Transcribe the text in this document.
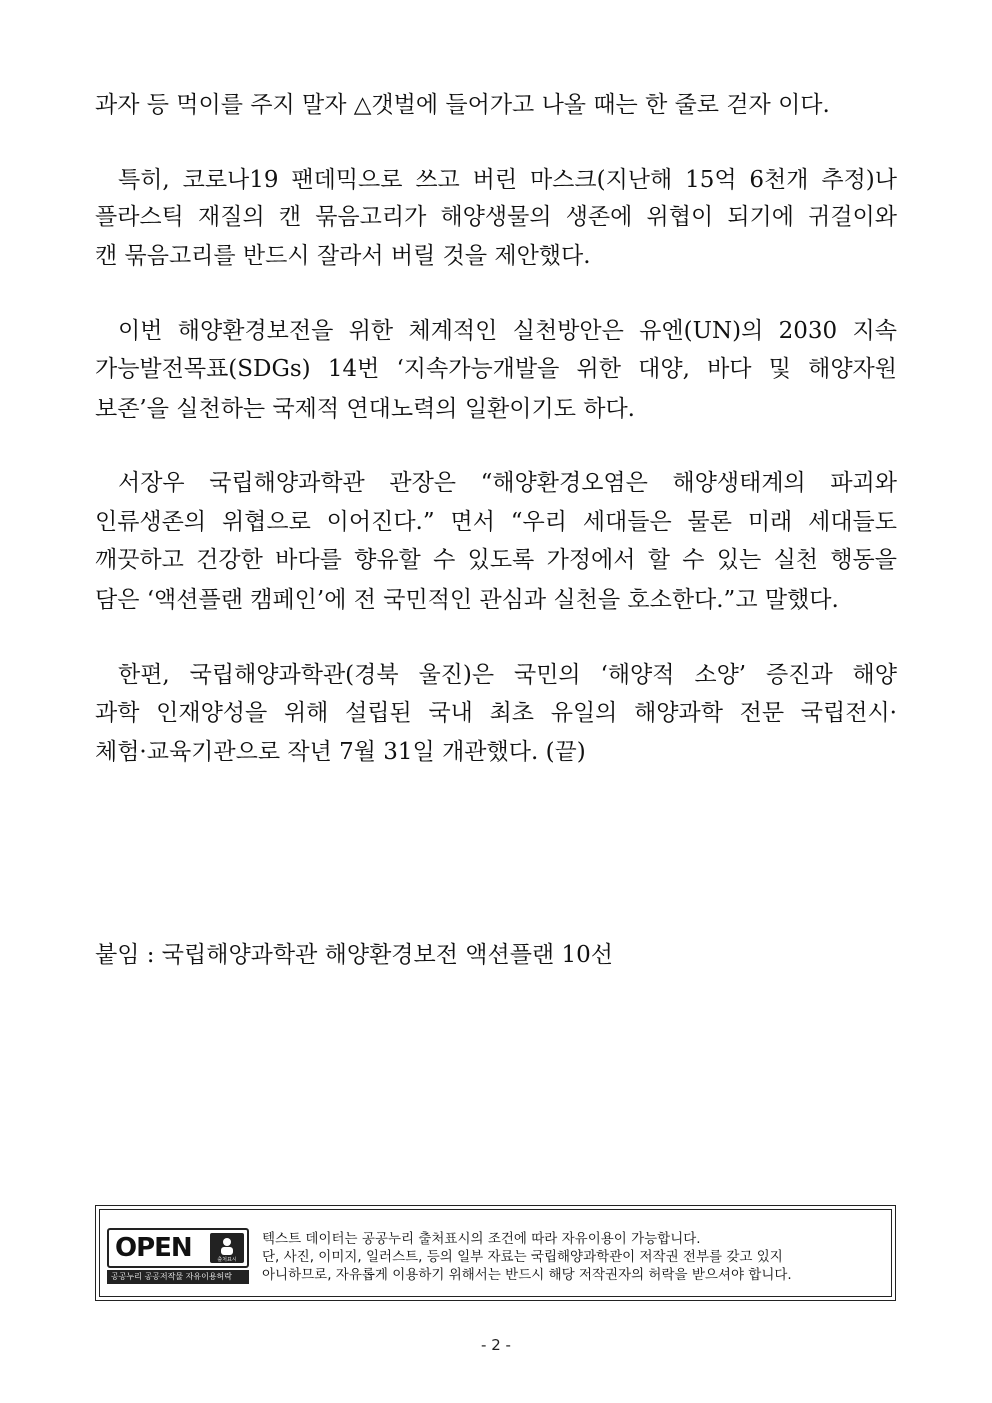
과자 등 먹이를 주지 말자 △갯벌에 들어가고 나올 때는 한 줄로 걷자 이다.
특히, 코로나19 팬데믹으로 쓰고 버린 마스크(지난해 15억 6천개 추정)나
플라스틱 재질의 캔 묶음고리가 해양생물의 생존에 위협이 되기에 귀걸이와
캔 묶음고리를 반드시 잘라서 버릴 것을 제안했다.
이번 해양환경보전을 위한 체계적인 실천방안은 유엔(UN)의 2030 지속
가능발전목표(SDGs) 14번 ‘지속가능개발을 위한 대양, 바다 및 해양자원
보존’을 실천하는 국제적 연대노력의 일환이기도 하다.
서장우 국립해양과학관 관장은 “해양환경오염은 해양생태계의 파괴와
인류생존의 위협으로 이어진다.” 면서 “우리 세대들은 물론 미래 세대들도
깨끗하고 건강한 바다를 향유할 수 있도록 가정에서 할 수 있는 실천 행동을
담은 ‘액션플랜 캠페인’에 전 국민적인 관심과 실천을 호소한다.”고 말했다.
한편, 국립해양과학관(경북 울진)은 국민의 ‘해양적 소양’ 증진과 해양
과학 인재양성을 위해 설립된 국내 최초 유일의 해양과학 전문 국립전시·
체험·교육기관으로 작년 7월 31일 개관했다. (끝)
붙임 : 국립해양과학관 해양환경보전 액션플랜 10선
OPEN	출처표시
공공누리 공공저작물 자유이용허락
텍스트 데이터는 공공누리 출처표시의 조건에 따라 자유이용이 가능합니다.
단, 사진, 이미지, 일러스트, 등의 일부 자료는 국립해양과학관이 저작권 전부를 갖고 있지
아니하므로, 자유롭게 이용하기 위해서는 반드시 해당 저작권자의 허락을 받으셔야 합니다.
- 2 -
